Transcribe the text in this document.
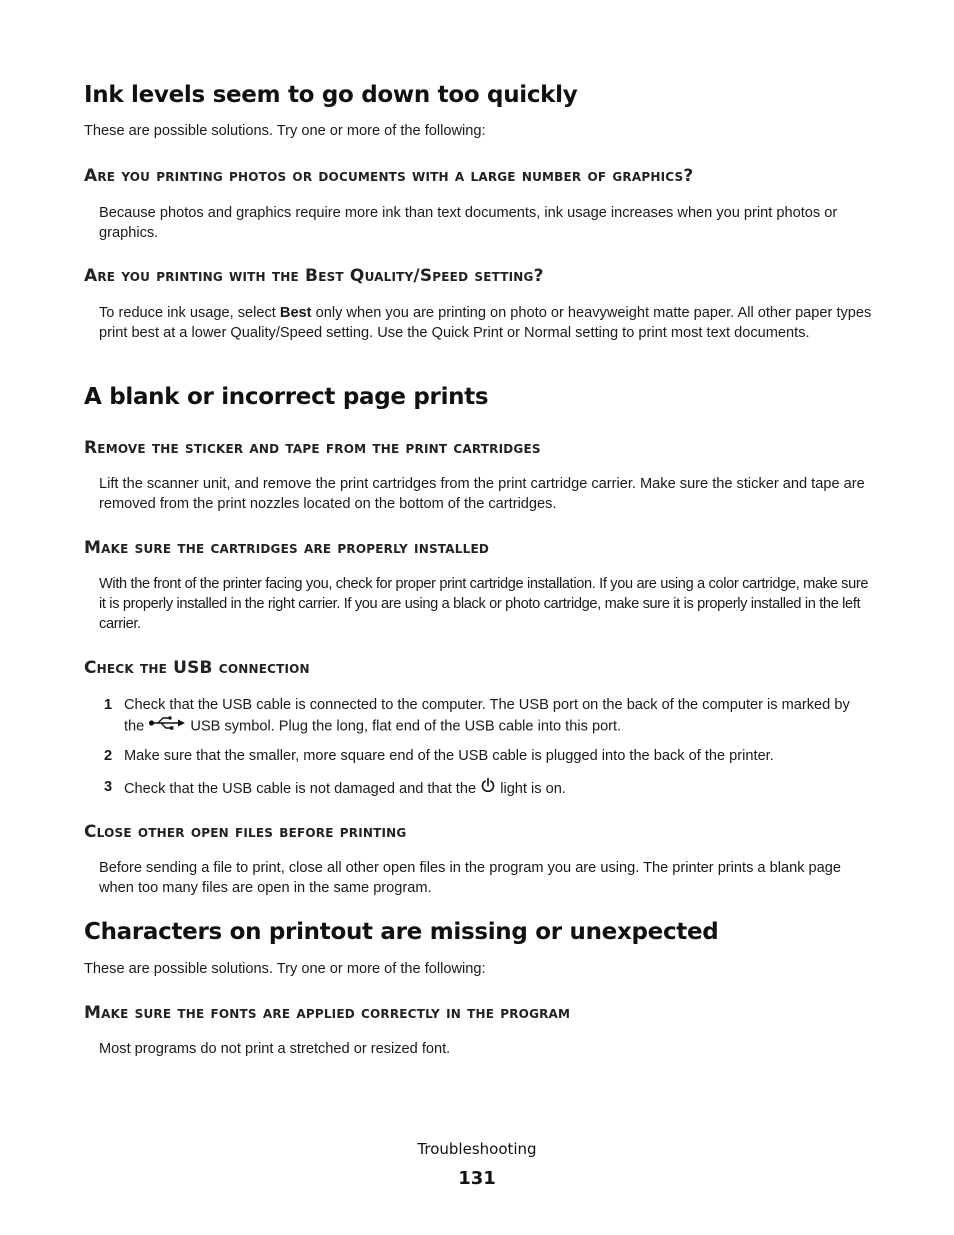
Ink levels seem to go down too quickly

These are possible solutions. Try one or more of the following:

Are you printing photos or documents with a large number of graphics?

Because photos and graphics require more ink than text documents, ink usage increases when you print photos or graphics.

Are you printing with the Best Quality/Speed setting?

To reduce ink usage, select Best only when you are printing on photo or heavyweight matte paper. All other paper types print best at a lower Quality/Speed setting. Use the Quick Print or Normal setting to print most text documents.

A blank or incorrect page prints
Remove the sticker and tape from the print cartridges

Lift the scanner unit, and remove the print cartridges from the print cartridge carrier. Make sure the sticker and tape are removed from the print nozzles located on the bottom of the cartridges.

Make sure the cartridges are properly installed

With the front of the printer facing you, check for proper print cartridge installation. If you are using a color cartridge, make sure it is properly installed in the right carrier. If you are using a black or photo cartridge, make sure it is properly installed in the left carrier.

Check the USB connection
1 Check that the USB cable is connected to the computer. The USB port on the back of the computer is marked by the	USB symbol. Plug the long, flat end of the USB cable into this port.
2 Make sure that the smaller, more square end of the USB cable is plugged into the back of the printer.
3 Check that the USB cable is not damaged and that the  light is on.
Close other open files before printing

Before sending a file to print, close all other open files in the program you are using. The printer prints a blank page when too many files are open in the same program.

Characters on printout are missing or unexpected

These are possible solutions. Try one or more of the following:

Make sure the fonts are applied correctly in the program

Most programs do not print a stretched or resized font.

Troubleshooting
131
